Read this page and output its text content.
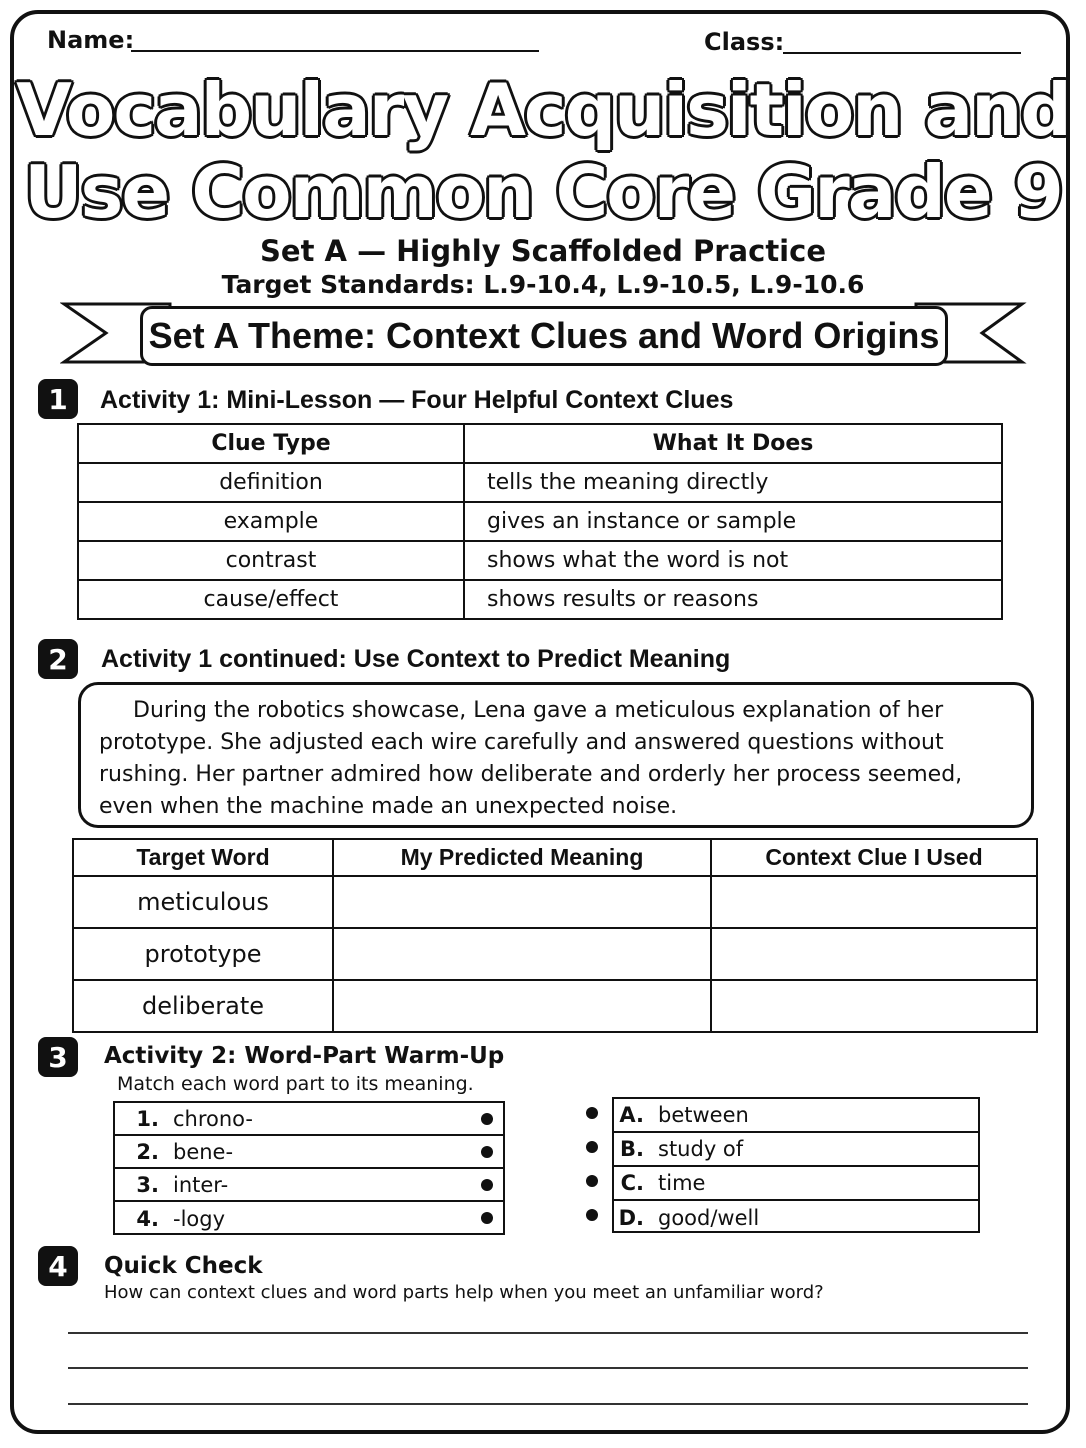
Name:	Class:
Vocabulary Acquisition and
Use Common Core Grade 9
Set A — Highly Scaffolded Practice
Target Standards: L.9-10.4, L.9-10.5, L.9-10.6
Set A Theme: Context Clues and Word Origins
1	Activity 1: Mini-Lesson — Four Helpful Context Clues
Clue Type	What It Does
definition	tells the meaning directly
example	gives an instance or sample
contrast	shows what the word is not
cause/effect	shows results or reasons
2	Activity 1 continued: Use Context to Predict Meaning
During the robotics showcase, Lena gave a meticulous explanation of her
prototype. She adjusted each wire carefully and answered questions without
rushing. Her partner admired how deliberate and orderly her process seemed,
even when the machine made an unexpected noise.
Target Word	My Predicted Meaning	Context Clue I Used
meticulous		
prototype		
deliberate		
3	Activity 2: Word-Part Warm-Up
Match each word part to its meaning.
1. chrono-
2. bene-
3. inter-
4. -logy
A. between
B. study of
C. time
D. good/well
4	Quick Check
How can context clues and word parts help when you meet an unfamiliar word?
